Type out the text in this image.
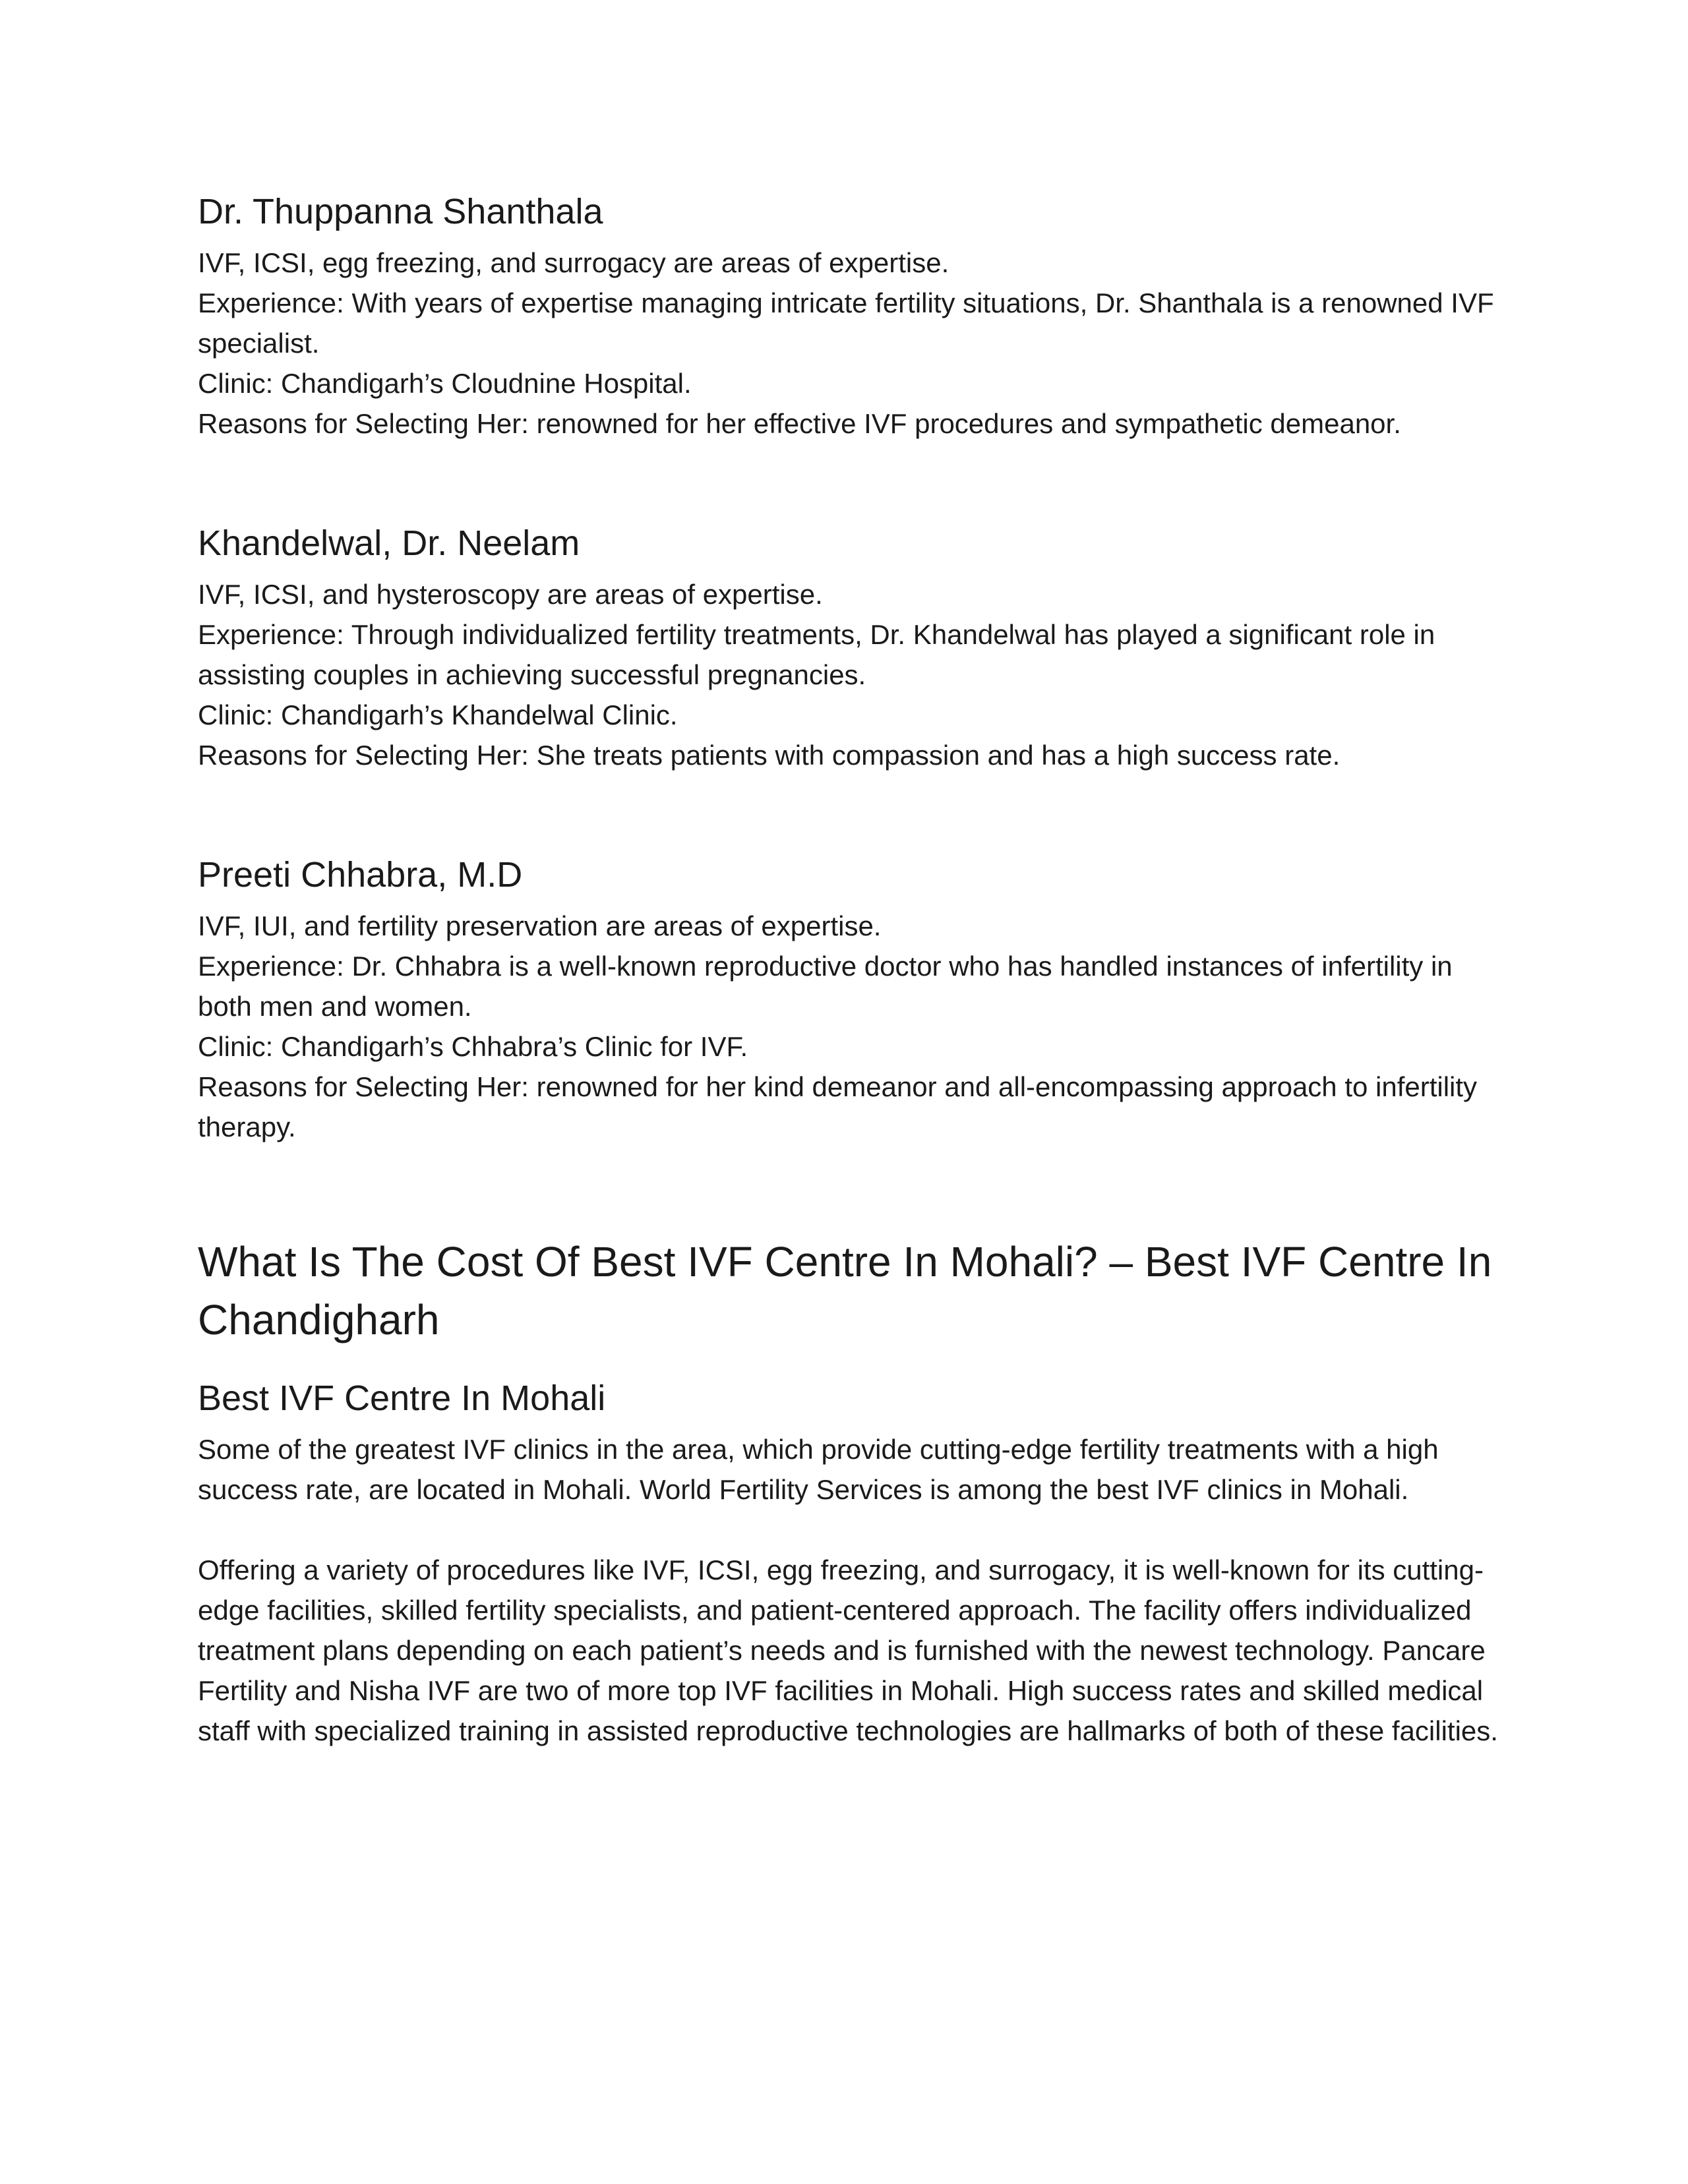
Dr. Thuppanna Shanthala

IVF, ICSI, egg freezing, and surrogacy are areas of expertise.

Experience: With years of expertise managing intricate fertility situations, Dr. Shanthala is a renowned IVF specialist.

Clinic: Chandigarh’s Cloudnine Hospital.

Reasons for Selecting Her: renowned for her effective IVF procedures and sympathetic demeanor.

Khandelwal, Dr. Neelam

IVF, ICSI, and hysteroscopy are areas of expertise.

Experience: Through individualized fertility treatments, Dr. Khandelwal has played a significant role in assisting couples in achieving successful pregnancies.

Clinic: Chandigarh’s Khandelwal Clinic.

Reasons for Selecting Her: She treats patients with compassion and has a high success rate.

Preeti Chhabra, M.D

IVF, IUI, and fertility preservation are areas of expertise.

Experience: Dr. Chhabra is a well-known reproductive doctor who has handled instances of infertility in both men and women.

Clinic: Chandigarh’s Chhabra’s Clinic for IVF.

Reasons for Selecting Her: renowned for her kind demeanor and all-encompassing approach to infertility therapy.

What Is The Cost Of Best IVF Centre In Mohali? – Best IVF Centre In Chandigharh
Best IVF Centre In Mohali

Some of the greatest IVF clinics in the area, which provide cutting-edge fertility treatments with a high success rate, are located in Mohali. World Fertility Services is among the best IVF clinics in Mohali.

Offering a variety of procedures like IVF, ICSI, egg freezing, and surrogacy, it is well-known for its cutting-edge facilities, skilled fertility specialists, and patient-centered approach. The facility offers individualized treatment plans depending on each patient’s needs and is furnished with the newest technology. Pancare Fertility and Nisha IVF are two of more top IVF facilities in Mohali. High success rates and skilled medical staff with specialized training in assisted reproductive technologies are hallmarks of both of these facilities.
